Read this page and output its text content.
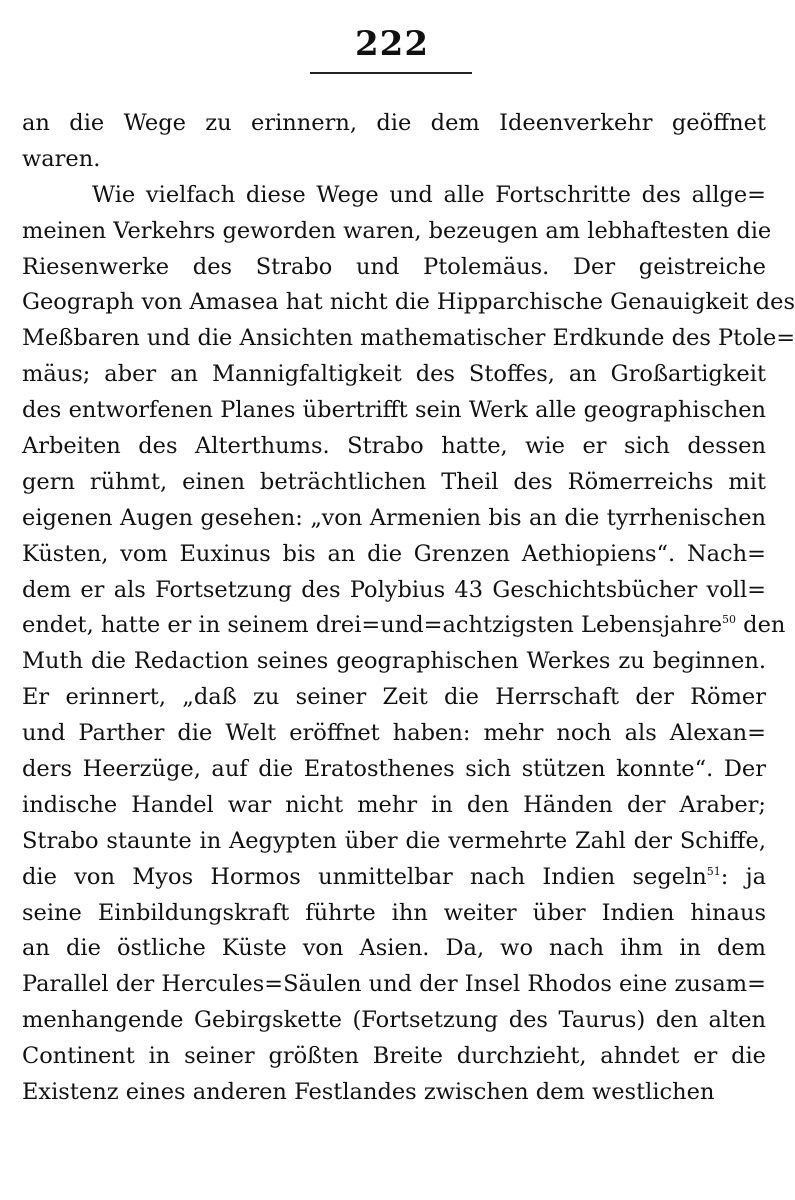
222
an die Wege zu erinnern, die dem Ideenverkehr geöffnet
waren.
Wie vielfach diese Wege und alle Fortschritte des allge=
meinen Verkehrs geworden waren, bezeugen am lebhaftesten die
Riesenwerke des Strabo und Ptolemäus. Der geistreiche
Geograph von Amasea hat nicht die Hipparchische Genauigkeit des
Meßbaren und die Ansichten mathematischer Erdkunde des Ptole=
mäus; aber an Mannigfaltigkeit des Stoffes, an Großartigkeit
des entworfenen Planes übertrifft sein Werk alle geographischen
Arbeiten des Alterthums. Strabo hatte, wie er sich dessen
gern rühmt, einen beträchtlichen Theil des Römerreichs mit
eigenen Augen gesehen: „von Armenien bis an die tyrrhenischen
Küsten, vom Euxinus bis an die Grenzen Aethiopiens“. Nach=
dem er als Fortsetzung des Polybius 43 Geschichtsbücher voll=
endet, hatte er in seinem drei=und=achtzigsten Lebensjahre$^{50}$ den
Muth die Redaction seines geographischen Werkes zu beginnen.
Er erinnert, „daß zu seiner Zeit die Herrschaft der Römer
und Parther die Welt eröffnet haben: mehr noch als Alexan=
ders Heerzüge, auf die Eratosthenes sich stützen konnte“. Der
indische Handel war nicht mehr in den Händen der Araber;
Strabo staunte in Aegypten über die vermehrte Zahl der Schiffe,
die von Myos Hormos unmittelbar nach Indien segeln$^{51}$: ja
seine Einbildungskraft führte ihn weiter über Indien hinaus
an die östliche Küste von Asien. Da, wo nach ihm in dem
Parallel der Hercules=Säulen und der Insel Rhodos eine zusam=
menhangende Gebirgskette (Fortsetzung des Taurus) den alten
Continent in seiner größten Breite durchzieht, ahndet er die
Existenz eines anderen Festlandes zwischen dem westlichen
